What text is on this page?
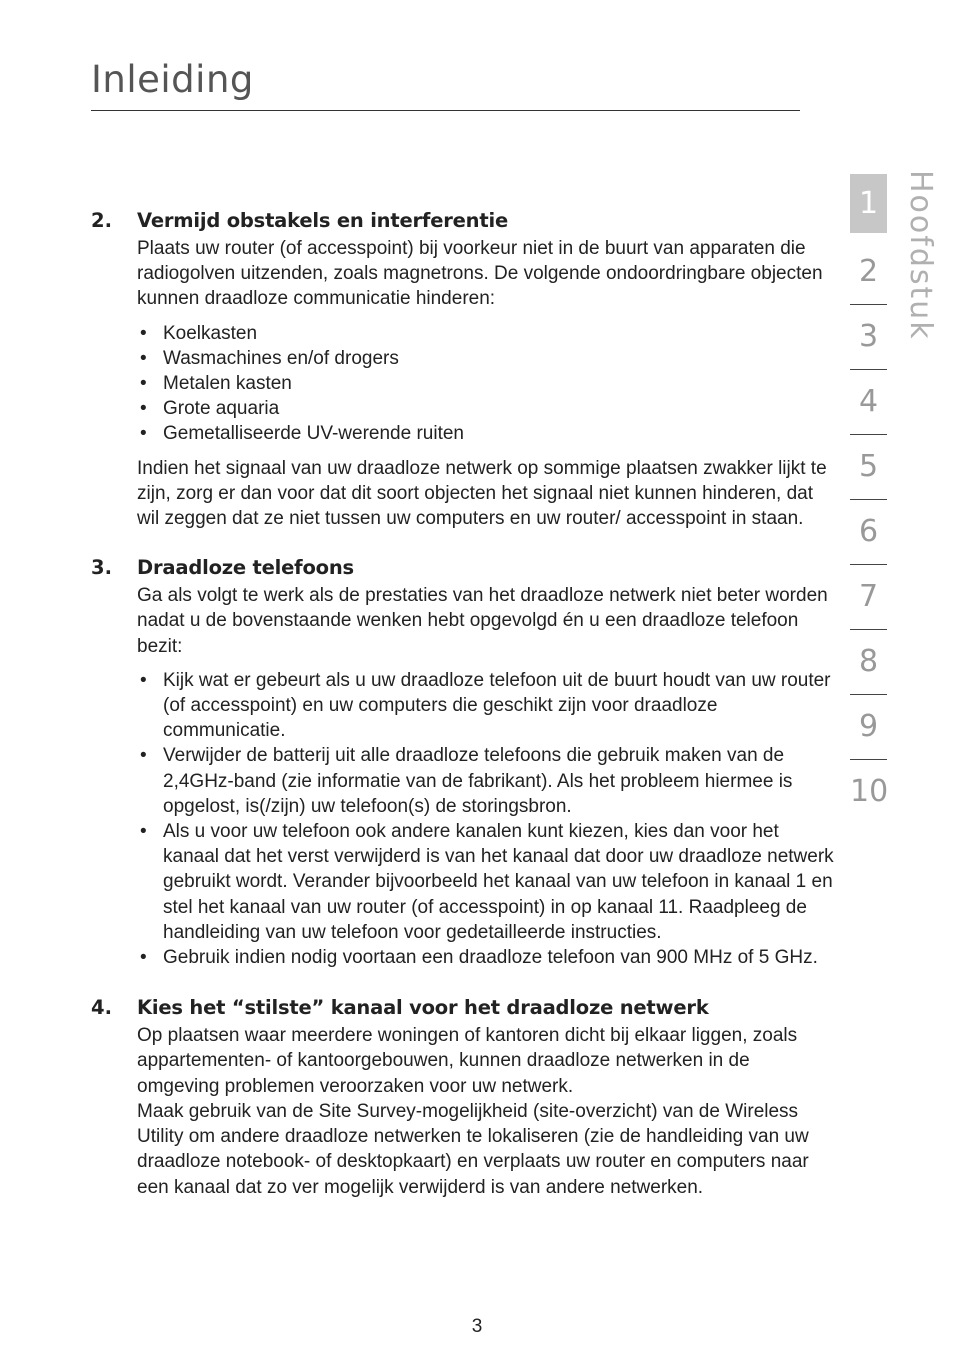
Inleiding
2. Vermijd obstakels en interferentie

Plaats uw router (of accesspoint) bij voorkeur niet in de buurt van apparaten die radiogolven uitzenden, zoals magnetrons. De volgende ondoordringbare objecten kunnen draadloze communicatie hinderen:

• Koelkasten
• Wasmachines en/of drogers
• Metalen kasten
• Grote aquaria
• Gemetalliseerde UV-werende ruiten

Indien het signaal van uw draadloze netwerk op sommige plaatsen zwakker lijkt te zijn, zorg er dan voor dat dit soort objecten het signaal niet kunnen hinderen, dat wil zeggen dat ze niet tussen uw computers en uw router/ accesspoint in staan.

3. Draadloze telefoons

Ga als volgt te werk als de prestaties van het draadloze netwerk niet beter worden nadat u de bovenstaande wenken hebt opgevolgd én u een draadloze telefoon bezit:

• Kijk wat er gebeurt als u uw draadloze telefoon uit de buurt houdt van uw router (of accesspoint) en uw computers die geschikt zijn voor draadloze communicatie.
• Verwijder de batterij uit alle draadloze telefoons die gebruik maken van de 2,4GHz-band (zie informatie van de fabrikant). Als het probleem hiermee is opgelost, is(/zijn) uw telefoon(s) de storingsbron.
• Als u voor uw telefoon ook andere kanalen kunt kiezen, kies dan voor het kanaal dat het verst verwijderd is van het kanaal dat door uw draadloze netwerk gebruikt wordt. Verander bijvoorbeeld het kanaal van uw telefoon in kanaal 1 en stel het kanaal van uw router (of accesspoint) in op kanaal 11. Raadpleeg de handleiding van uw telefoon voor gedetailleerde instructies.
• Gebruik indien nodig voortaan een draadloze telefoon van 900 MHz of 5 GHz.
4. Kies het “stilste” kanaal voor het draadloze netwerk

Op plaatsen waar meerdere woningen of kantoren dicht bij elkaar liggen, zoals appartementen- of kantoorgebouwen, kunnen draadloze netwerken in de omgeving problemen veroorzaken voor uw netwerk.

Maak gebruik van de Site Survey-mogelijkheid (site-overzicht) van de Wireless Utility om andere draadloze netwerken te lokaliseren (zie de handleiding van uw draadloze notebook- of desktopkaart) en verplaats uw router en computers naar een kanaal dat zo ver mogelijk verwijderd is van andere netwerken.

1
2
3
4
5
6
7
8
9
10
Hoofdstuk
3
